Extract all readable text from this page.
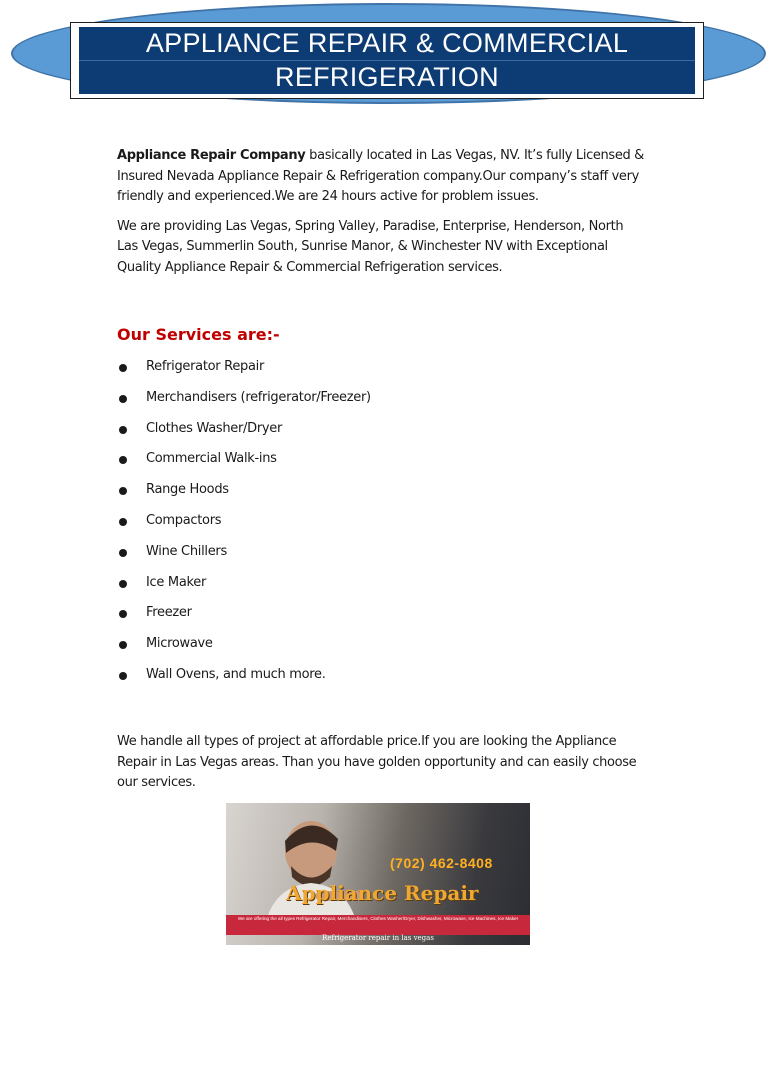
APPLIANCE REPAIR & COMMERCIAL
REFRIGERATION

Appliance Repair Company basically located in Las Vegas, NV. It’s fully Licensed & Insured Nevada Appliance Repair & Refrigeration company.Our company’s staff very friendly and experienced.We are 24 hours active for problem issues.

We are providing Las Vegas, Spring Valley, Paradise, Enterprise, Henderson, North Las Vegas, Summerlin South, Sunrise Manor, & Winchester NV with Exceptional Quality Appliance Repair & Commercial Refrigeration services.

Our Services are:-
Refrigerator Repair
Merchandisers (refrigerator/Freezer)
Clothes Washer/Dryer
Commercial Walk-ins
Range Hoods
Compactors
Wine Chillers
Ice Maker
Freezer
Microwave
Wall Ovens, and much more.

We handle all types of project at affordable price.If you are looking the Appliance Repair in Las Vegas areas. Than you have golden opportunity and can easily choose our services.

(702) 462-8408
Appliance Repair
We are offering the all types Refrigerator Repair, Merchandisers, Clothes Washer/Dryer, Dishwasher, Microwave, Ice Machines, Ice Maker
Refrigerator repair in las vegas
